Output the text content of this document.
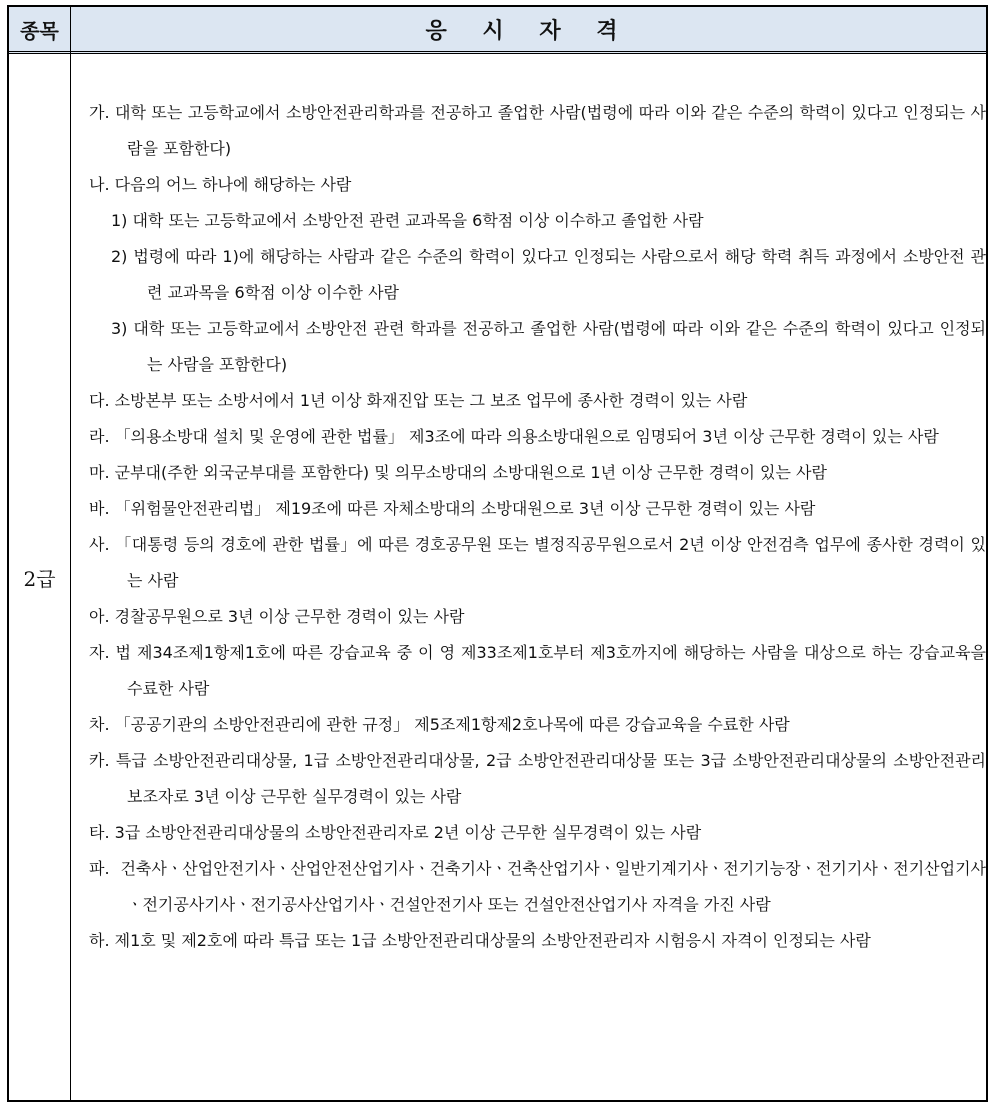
종목	응 시 자 격
2급
가. 대학 또는 고등학교에서 소방안전관리학과를 전공하고 졸업한 사람(법령에 따라 이와 같은 수준의 학력이 있다고 인정되는 사람을 포함한다)
나. 다음의 어느 하나에 해당하는 사람
1) 대학 또는 고등학교에서 소방안전 관련 교과목을 6학점 이상 이수하고 졸업한 사람
2) 법령에 따라 1)에 해당하는 사람과 같은 수준의 학력이 있다고 인정되는 사람으로서 해당 학력 취득 과정에서 소방안전 관련 교과목을 6학점 이상 이수한 사람
3) 대학 또는 고등학교에서 소방안전 관련 학과를 전공하고 졸업한 사람(법령에 따라 이와 같은 수준의 학력이 있다고 인정되는 사람을 포함한다)
다. 소방본부 또는 소방서에서 1년 이상 화재진압 또는 그 보조 업무에 종사한 경력이 있는 사람
라. 「의용소방대 설치 및 운영에 관한 법률」 제3조에 따라 의용소방대원으로 임명되어 3년 이상 근무한 경력이 있는 사람
마. 군부대(주한 외국군부대를 포함한다) 및 의무소방대의 소방대원으로 1년 이상 근무한 경력이 있는 사람
바. 「위험물안전관리법」 제19조에 따른 자체소방대의 소방대원으로 3년 이상 근무한 경력이 있는 사람
사. 「대통령 등의 경호에 관한 법률」에 따른 경호공무원 또는 별정직공무원으로서 2년 이상 안전검측 업무에 종사한 경력이 있는 사람
아. 경찰공무원으로 3년 이상 근무한 경력이 있는 사람
자. 법 제34조제1항제1호에 따른 강습교육 중 이 영 제33조제1호부터 제3호까지에 해당하는 사람을 대상으로 하는 강습교육을 수료한 사람
차. 「공공기관의 소방안전관리에 관한 규정」 제5조제1항제2호나목에 따른 강습교육을 수료한 사람
카. 특급 소방안전관리대상물, 1급 소방안전관리대상물, 2급 소방안전관리대상물 또는 3급 소방안전관리대상물의 소방안전관리보조자로 3년 이상 근무한 실무경력이 있는 사람
타. 3급 소방안전관리대상물의 소방안전관리자로 2년 이상 근무한 실무경력이 있는 사람
파. 건축사ㆍ산업안전기사ㆍ산업안전산업기사ㆍ건축기사ㆍ건축산업기사ㆍ일반기계기사ㆍ전기기능장ㆍ전기기사ㆍ전기산업기사ㆍ전기공사기사ㆍ전기공사산업기사ㆍ건설안전기사 또는 건설안전산업기사 자격을 가진 사람
하. 제1호 및 제2호에 따라 특급 또는 1급 소방안전관리대상물의 소방안전관리자 시험응시 자격이 인정되는 사람
